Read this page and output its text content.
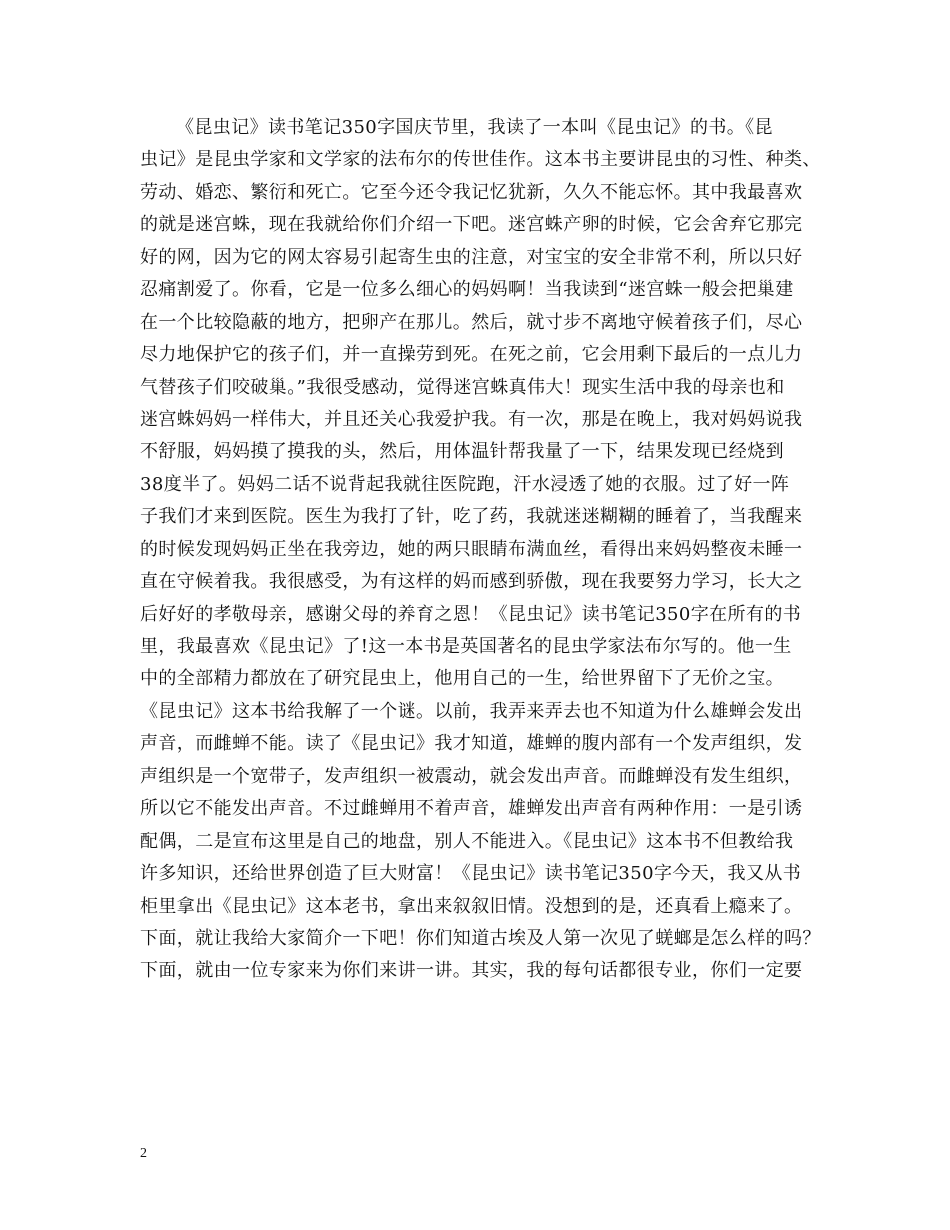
《昆虫记》读书笔记350字国庆节里，我读了一本叫《昆虫记》的书。《昆
虫记》是昆虫学家和文学家的法布尔的传世佳作。这本书主要讲昆虫的习性、种类、
劳动、婚恋、繁衍和死亡。它至今还令我记忆犹新，久久不能忘怀。其中我最喜欢
的就是迷宫蛛，现在我就给你们介绍一下吧。迷宫蛛产卵的时候，它会舍弃它那完
好的网，因为它的网太容易引起寄生虫的注意，对宝宝的安全非常不利，所以只好
忍痛割爱了。你看，它是一位多么细心的妈妈啊！当我读到“迷宫蛛一般会把巢建
在一个比较隐蔽的地方，把卵产在那儿。然后，就寸步不离地守候着孩子们，尽心
尽力地保护它的孩子们，并一直操劳到死。在死之前，它会用剩下最后的一点儿力
气替孩子们咬破巢。”我很受感动，觉得迷宫蛛真伟大！现实生活中我的母亲也和
迷宫蛛妈妈一样伟大，并且还关心我爱护我。有一次，那是在晚上，我对妈妈说我
不舒服，妈妈摸了摸我的头，然后，用体温针帮我量了一下，结果发现已经烧到
38度半了。妈妈二话不说背起我就往医院跑，汗水浸透了她的衣服。过了好一阵
子我们才来到医院。医生为我打了针，吃了药，我就迷迷糊糊的睡着了，当我醒来
的时候发现妈妈正坐在我旁边，她的两只眼睛布满血丝，看得出来妈妈整夜未睡一
直在守候着我。我很感受，为有这样的妈而感到骄傲，现在我要努力学习，长大之
后好好的孝敬母亲，感谢父母的养育之恩！《昆虫记》读书笔记350字在所有的书
里，我最喜欢《昆虫记》了!这一本书是英国著名的昆虫学家法布尔写的。他一生
中的全部精力都放在了研究昆虫上，他用自己的一生，给世界留下了无价之宝。
《昆虫记》这本书给我解了一个谜。以前，我弄来弄去也不知道为什么雄蝉会发出
声音，而雌蝉不能。读了《昆虫记》我才知道，雄蝉的腹内部有一个发声组织，发
声组织是一个宽带子，发声组织一被震动，就会发出声音。而雌蝉没有发生组织，
所以它不能发出声音。不过雌蝉用不着声音，雄蝉发出声音有两种作用：一是引诱
配偶，二是宣布这里是自己的地盘，别人不能进入。《昆虫记》这本书不但教给我
许多知识，还给世界创造了巨大财富！《昆虫记》读书笔记350字今天，我又从书
柜里拿出《昆虫记》这本老书，拿出来叙叙旧情。没想到的是，还真看上瘾来了。
下面，就让我给大家简介一下吧！你们知道古埃及人第一次见了蜣螂是怎么样的吗？
下面，就由一位专家来为你们来讲一讲。其实，我的每句话都很专业，你们一定要
2
